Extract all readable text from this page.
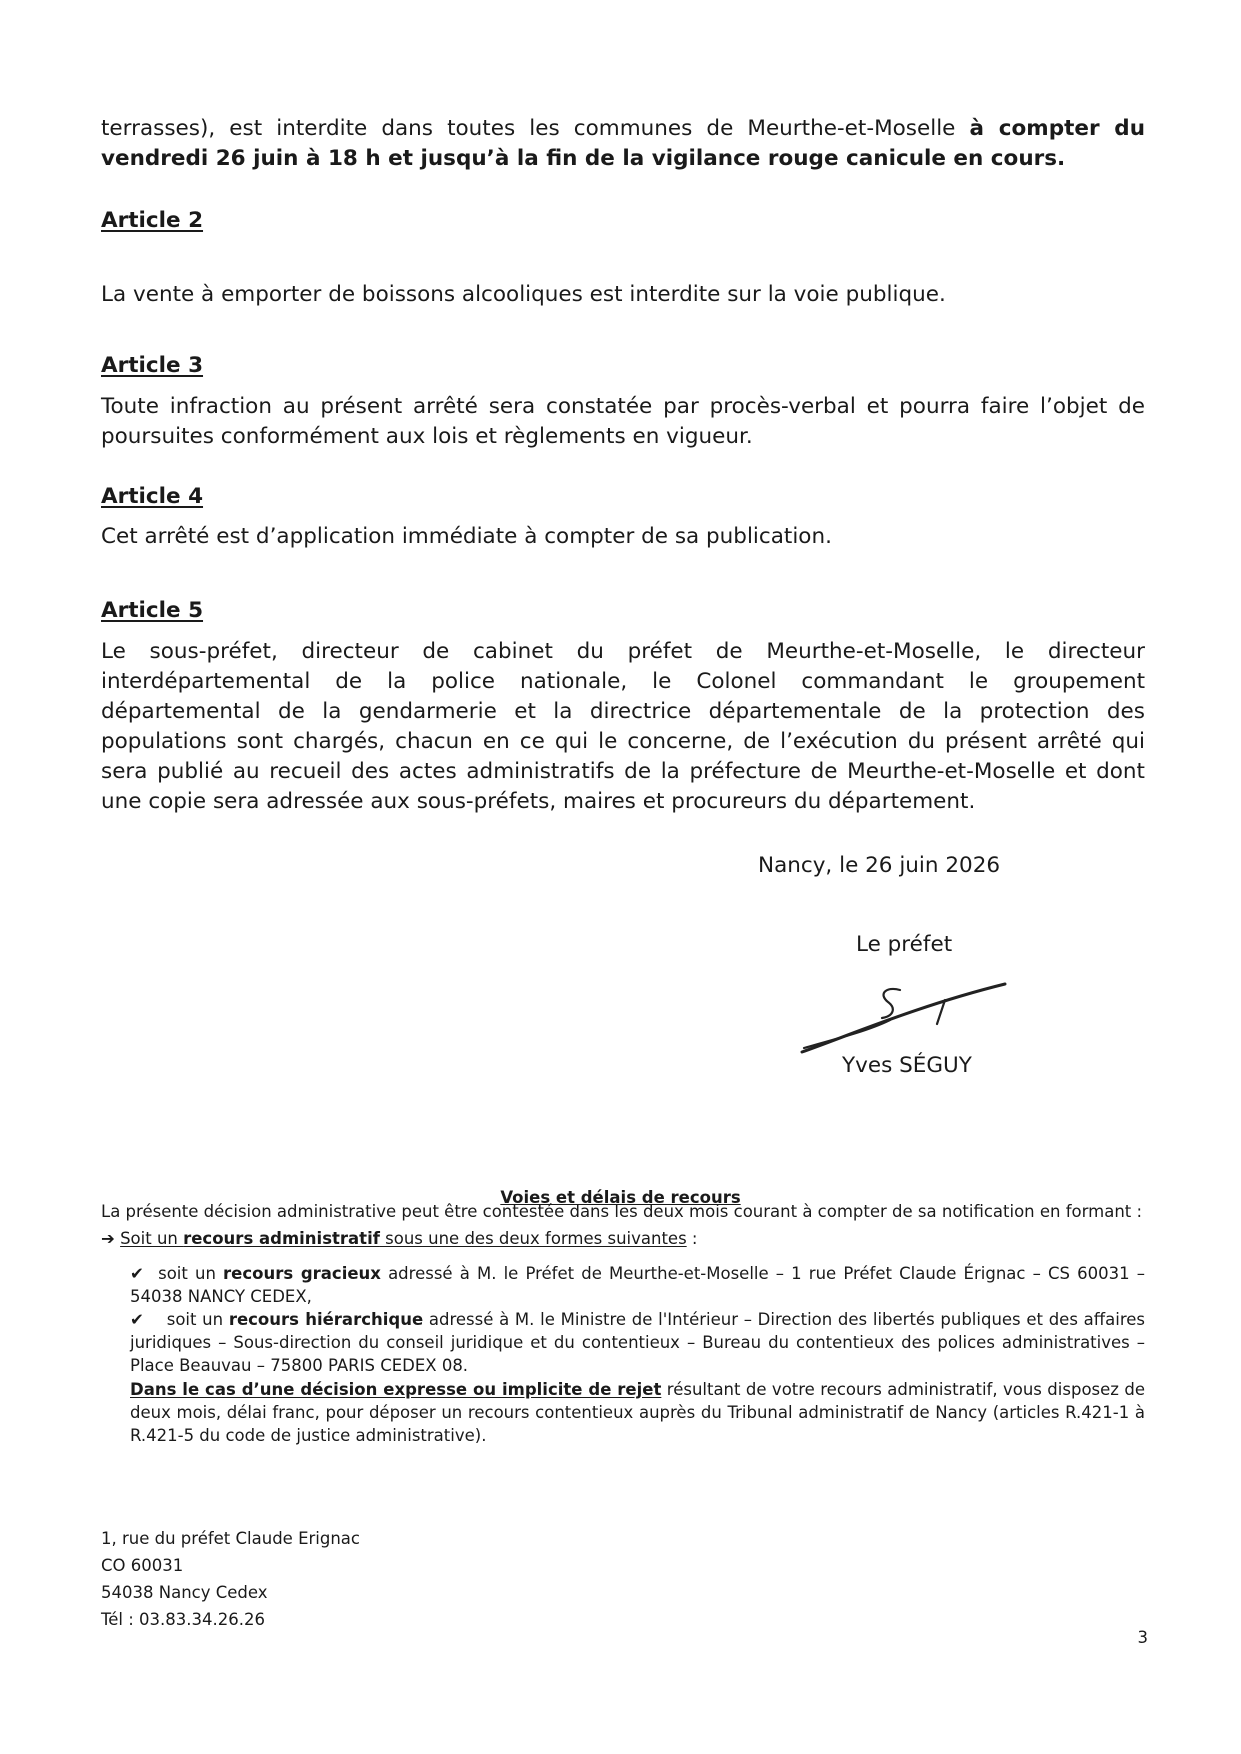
terrasses), est interdite dans toutes les communes de Meurthe-et-Moselle à compter du vendredi 26 juin à 18 h et jusqu’à la fin de la vigilance rouge canicule en cours.
Article 2
La vente à emporter de boissons alcooliques est interdite sur la voie publique.
Article 3
Toute infraction au présent arrêté sera constatée par procès-verbal et pourra faire l’objet de poursuites conformément aux lois et règlements en vigueur.
Article 4
Cet arrêté est d’application immédiate à compter de sa publication.
Article 5
Le sous-préfet, directeur de cabinet du préfet de Meurthe-et-Moselle, le directeur interdépartemental de la police nationale, le Colonel commandant le groupement départemental de la gendarmerie et la directrice départementale de la protection des populations sont chargés, chacun en ce qui le concerne, de l’exécution du présent arrêté qui sera publié au recueil des actes administratifs de la préfecture de Meurthe-et-Moselle et dont une copie sera adressée aux sous-préfets, maires et procureurs du département.
Nancy, le 26 juin 2026
Le préfet
Yves SÉGUY
Voies et délais de recours
La présente décision administrative peut être contestée dans les deux mois courant à compter de sa notification en formant :
➔ Soit un recours administratif sous une des deux formes suivantes :
✔ soit un recours gracieux adressé à M. le Préfet de Meurthe-et-Moselle – 1 rue Préfet Claude Érignac – CS 60031 – 54038 NANCY CEDEX,
✔ soit un recours hiérarchique adressé à M. le Ministre de l'Intérieur – Direction des libertés publiques et des affaires juridiques – Sous-direction du conseil juridique et du contentieux – Bureau du contentieux des polices administratives – Place Beauvau – 75800 PARIS CEDEX 08.
Dans le cas d’une décision expresse ou implicite de rejet résultant de votre recours administratif, vous disposez de deux mois, délai franc, pour déposer un recours contentieux auprès du Tribunal administratif de Nancy (articles R.421-1 à R.421-5 du code de justice administrative).
1, rue du préfet Claude Erignac
CO 60031
54038 Nancy Cedex
Tél : 03.83.34.26.26
3
